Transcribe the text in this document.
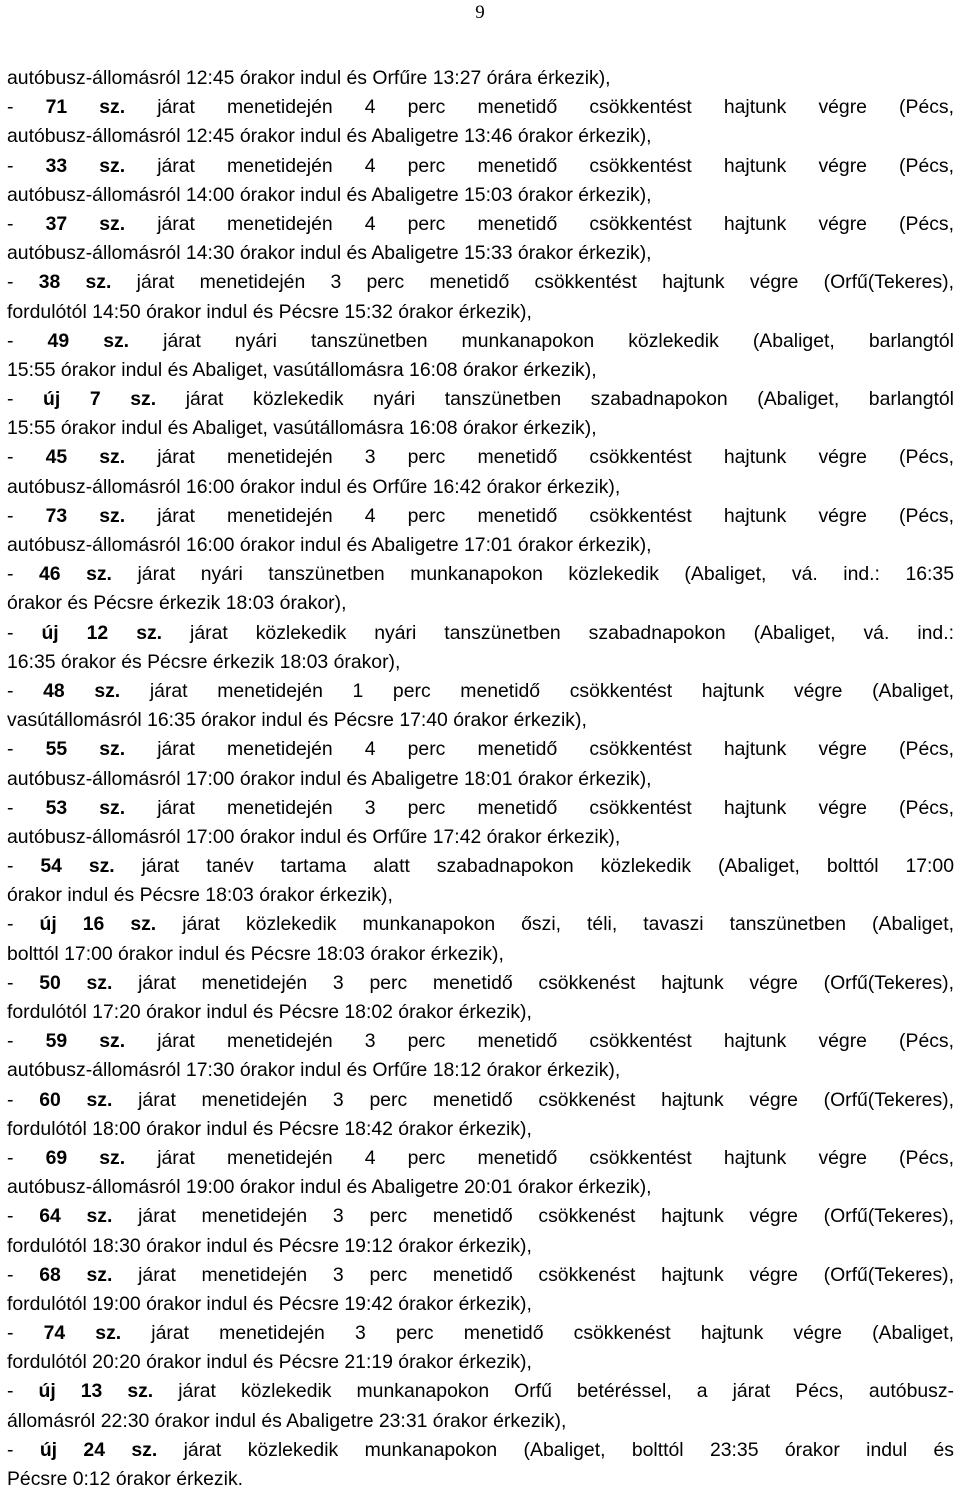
9
autóbusz-állomásról 12:45 órakor indul és Orfűre 13:27 órára érkezik),
- 71 sz. járat menetidején 4 perc menetidő csökkentést hajtunk végre (Pécs,
autóbusz-állomásról 12:45 órakor indul és Abaligetre 13:46 órakor érkezik),
- 33 sz. járat menetidején 4 perc menetidő csökkentést hajtunk végre (Pécs,
autóbusz-állomásról 14:00 órakor indul és Abaligetre 15:03 órakor érkezik),
- 37 sz. járat menetidején 4 perc menetidő csökkentést hajtunk végre (Pécs,
autóbusz-állomásról 14:30 órakor indul és Abaligetre 15:33 órakor érkezik),
- 38 sz. járat menetidején 3 perc menetidő csökkentést hajtunk végre (Orfű(Tekeres),
fordulótól 14:50 órakor indul és Pécsre 15:32 órakor érkezik),
- 49 sz. járat nyári tanszünetben munkanapokon közlekedik (Abaliget, barlangtól
15:55 órakor indul és Abaliget, vasútállomásra 16:08 órakor érkezik),
- új 7 sz. járat közlekedik nyári tanszünetben szabadnapokon (Abaliget, barlangtól
15:55 órakor indul és Abaliget, vasútállomásra 16:08 órakor érkezik),
- 45 sz. járat menetidején 3 perc menetidő csökkentést hajtunk végre (Pécs,
autóbusz-állomásról 16:00 órakor indul és Orfűre 16:42 órakor érkezik),
- 73 sz. járat menetidején 4 perc menetidő csökkentést hajtunk végre (Pécs,
autóbusz-állomásról 16:00 órakor indul és Abaligetre 17:01 órakor érkezik),
- 46 sz. járat nyári tanszünetben munkanapokon közlekedik (Abaliget, vá. ind.: 16:35
órakor és Pécsre érkezik 18:03 órakor),
- új 12 sz. járat közlekedik nyári tanszünetben szabadnapokon (Abaliget, vá. ind.:
16:35 órakor és Pécsre érkezik 18:03 órakor),
- 48 sz. járat menetidején 1 perc menetidő csökkentést hajtunk végre (Abaliget,
vasútállomásról 16:35 órakor indul és Pécsre 17:40 órakor érkezik),
- 55 sz. járat menetidején 4 perc menetidő csökkentést hajtunk végre (Pécs,
autóbusz-állomásról 17:00 órakor indul és Abaligetre 18:01 órakor érkezik),
- 53 sz. járat menetidején 3 perc menetidő csökkentést hajtunk végre (Pécs,
autóbusz-állomásról 17:00 órakor indul és Orfűre 17:42 órakor érkezik),
- 54 sz. járat tanév tartama alatt szabadnapokon közlekedik (Abaliget, bolttól 17:00
órakor indul és Pécsre 18:03 órakor érkezik),
- új 16 sz. járat közlekedik munkanapokon őszi, téli, tavaszi tanszünetben (Abaliget,
bolttól 17:00 órakor indul és Pécsre 18:03 órakor érkezik),
- 50 sz. járat menetidején 3 perc menetidő csökkenést hajtunk végre (Orfű(Tekeres),
fordulótól 17:20 órakor indul és Pécsre 18:02 órakor érkezik),
- 59 sz. járat menetidején 3 perc menetidő csökkentést hajtunk végre (Pécs,
autóbusz-állomásról 17:30 órakor indul és Orfűre 18:12 órakor érkezik),
- 60 sz. járat menetidején 3 perc menetidő csökkenést hajtunk végre (Orfű(Tekeres),
fordulótól 18:00 órakor indul és Pécsre 18:42 órakor érkezik),
- 69 sz. járat menetidején 4 perc menetidő csökkentést hajtunk végre (Pécs,
autóbusz-állomásról 19:00 órakor indul és Abaligetre 20:01 órakor érkezik),
- 64 sz. járat menetidején 3 perc menetidő csökkenést hajtunk végre (Orfű(Tekeres),
fordulótól 18:30 órakor indul és Pécsre 19:12 órakor érkezik),
- 68 sz. járat menetidején 3 perc menetidő csökkenést hajtunk végre (Orfű(Tekeres),
fordulótól 19:00 órakor indul és Pécsre 19:42 órakor érkezik),
- 74 sz. járat menetidején 3 perc menetidő csökkenést hajtunk végre (Abaliget,
fordulótól 20:20 órakor indul és Pécsre 21:19 órakor érkezik),
- új 13 sz. járat közlekedik munkanapokon Orfű betéréssel, a járat Pécs, autóbusz-
állomásról 22:30 órakor indul és Abaligetre 23:31 órakor érkezik),
- új 24 sz. járat közlekedik munkanapokon (Abaliget, bolttól 23:35 órakor indul és
Pécsre 0:12 órakor érkezik.
